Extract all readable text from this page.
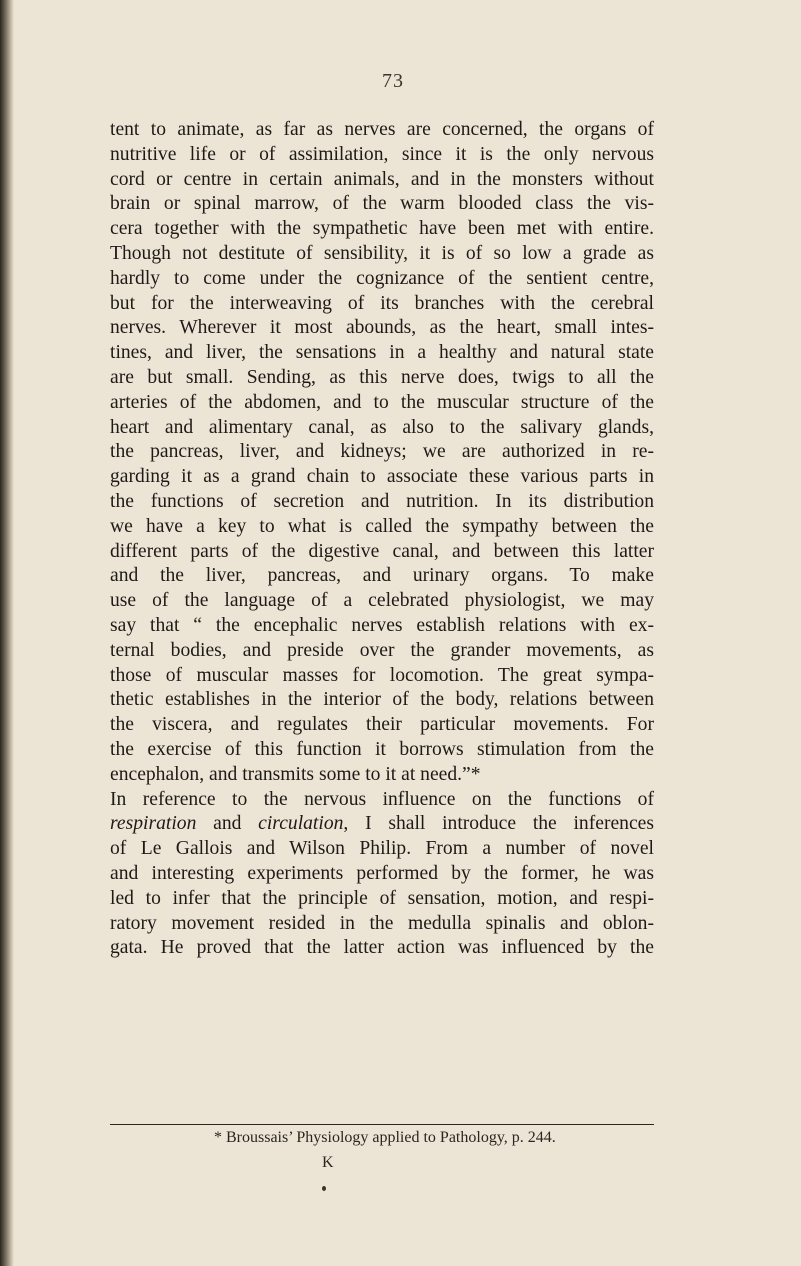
73
tent to animate, as far as nerves are concerned, the organs of
nutritive life or of assimilation, since it is the only nervous
cord or centre in certain animals, and in the monsters without
brain or spinal marrow, of the warm blooded class the vis-
cera together with the sympathetic have been met with entire.
Though not destitute of sensibility, it is of so low a grade as
hardly to come under the cognizance of the sentient centre,
but for the interweaving of its branches with the cerebral
nerves. Wherever it most abounds, as the heart, small intes-
tines, and liver, the sensations in a healthy and natural state
are but small. Sending, as this nerve does, twigs to all the
arteries of the abdomen, and to the muscular structure of the
heart and alimentary canal, as also to the salivary glands,
the pancreas, liver, and kidneys; we are authorized in re-
garding it as a grand chain to associate these various parts in
the functions of secretion and nutrition. In its distribution
we have a key to what is called the sympathy between the
different parts of the digestive canal, and between this latter
and the liver, pancreas, and urinary organs. To make
use of the language of a celebrated physiologist, we may
say that “ the encephalic nerves establish relations with ex-
ternal bodies, and preside over the grander movements, as
those of muscular masses for locomotion. The great sympa-
thetic establishes in the interior of the body, relations between
the viscera, and regulates their particular movements. For
the exercise of this function it borrows stimulation from the
encephalon, and transmits some to it at need.”*
In reference to the nervous influence on the functions of
respiration and circulation, I shall introduce the inferences
of Le Gallois and Wilson Philip. From a number of novel
and interesting experiments performed by the former, he was
led to infer that the principle of sensation, motion, and respi-
ratory movement resided in the medulla spinalis and oblon-
gata. He proved that the latter action was influenced by the
* Broussais’ Physiology applied to Pathology, p. 244.
K
